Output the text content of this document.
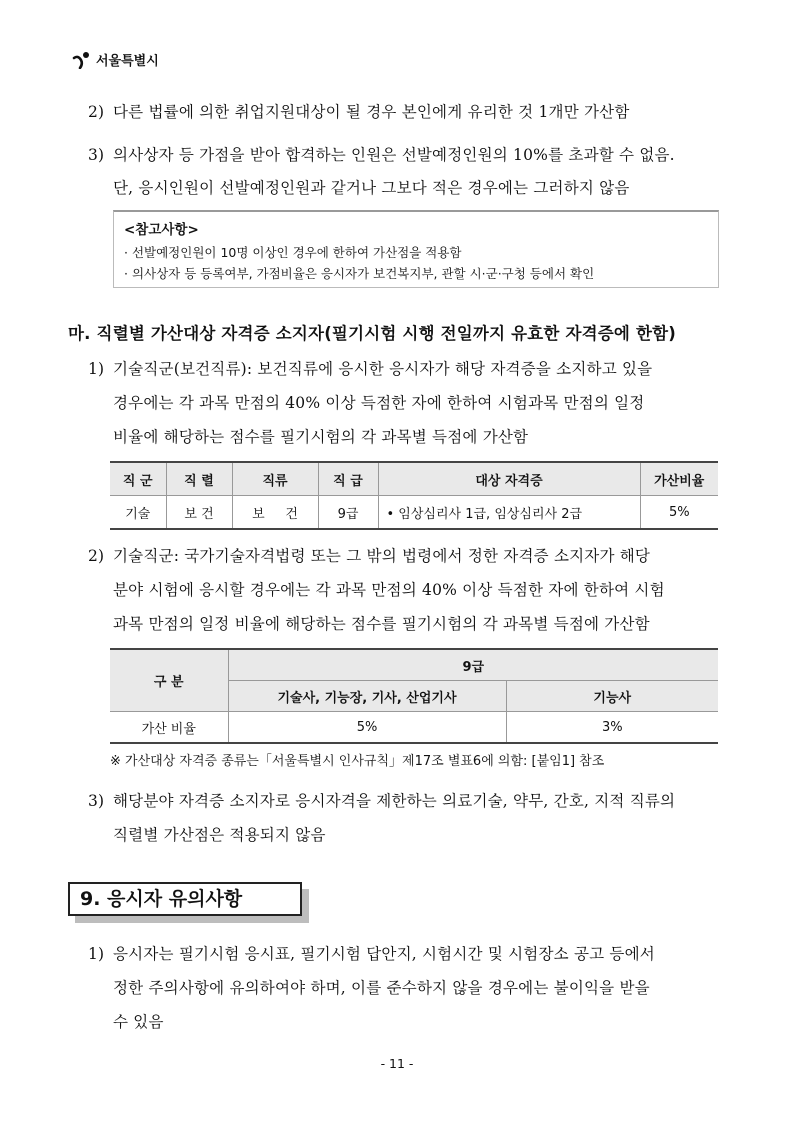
서울특별시
2) 다른 법률에 의한 취업지원대상이 될 경우 본인에게 유리한 것 1개만 가산함
3) 의사상자 등 가점을 받아 합격하는 인원은 선발예정인원의 10%를 초과할 수 없음.
단, 응시인원이 선발예정인원과 같거나 그보다 적은 경우에는 그러하지 않음
<참고사항>
· 선발예정인원이 10명 이상인 경우에 한하여 가산점을 적용함
· 의사상자 등 등록여부, 가점비율은 응시자가 보건복지부, 관할 시·군·구청 등에서 확인
마. 직렬별 가산대상 자격증 소지자(필기시험 시행 전일까지 유효한 자격증에 한함)
1) 기술직군(보건직류): 보건직류에 응시한 응시자가 해당 자격증을 소지하고 있을
경우에는 각 과목 만점의 40% 이상 득점한 자에 한하여 시험과목 만점의 일정
비율에 해당하는 점수를 필기시험의 각 과목별 득점에 가산함
직 군	직 렬	직류	직 급	대상 자격증	가산비율
기술	보 건	보     건	9급	• 임상심리사 1급, 임상심리사 2급	5%
2) 기술직군: 국가기술자격법령 또는 그 밖의 법령에서 정한 자격증 소지자가 해당
분야 시험에 응시할 경우에는 각 과목 만점의 40% 이상 득점한 자에 한하여 시험
과목 만점의 일정 비율에 해당하는 점수를 필기시험의 각 과목별 득점에 가산함
구 분	9급	
	기술사, 기능장, 기사, 산업기사	기능사
가산 비율	5%	3%
※ 가산대상 자격증 종류는「서울특별시 인사규칙」제17조 별표6에 의함: [붙임1] 참조
3) 해당분야 자격증 소지자로 응시자격을 제한하는 의료기술, 약무, 간호, 지적 직류의
직렬별 가산점은 적용되지 않음
9. 응시자 유의사항
1) 응시자는 필기시험 응시표, 필기시험 답안지, 시험시간 및 시험장소 공고 등에서
정한 주의사항에 유의하여야 하며, 이를 준수하지 않을 경우에는 불이익을 받을
수 있음
- 11 -
